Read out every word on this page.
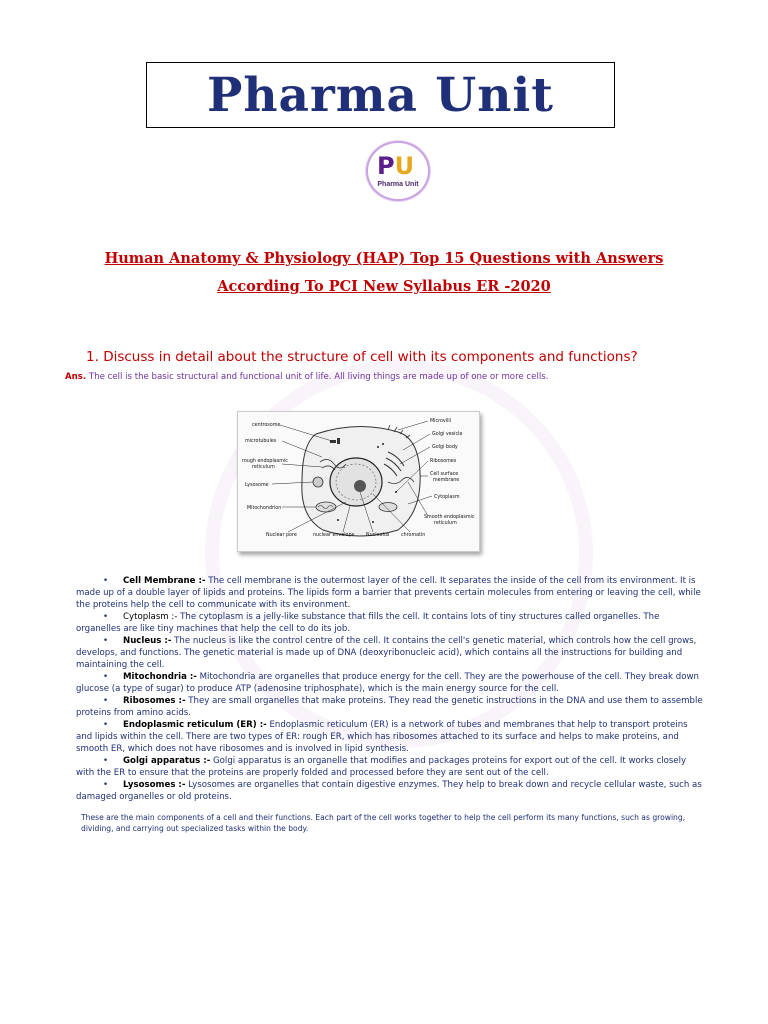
Pharma Unit
PU
Pharma Unit
Human Anatomy & Physiology (HAP) Top 15 Questions with Answers
According To PCI New Syllabus ER -2020
1. Discuss in detail about the structure of cell with its components and functions?
Ans. The cell is the basic structural and functional unit of life. All living things are made up of one or more cells.
centrosome
microtubules
rough endoplasmic
reticulum
Lysosome
Mitochondrion
Nuclear pore	nuclear envelope Nucleolus chromatin
Microvilli
Golgi vesicle
Golgi body
Ribosomes
Cell surface
membrane
Cytoplasm
Smooth endoplasmic
reticulum
• Cell Membrane :- The cell membrane is the outermost layer of the cell. It separates the inside of the cell from its environment. It is made up of a double layer of lipids and proteins. The lipids form a barrier that prevents certain molecules from entering or leaving the cell, while the proteins help the cell to communicate with its environment.
• Cytoplasm :- The cytoplasm is a jelly-like substance that fills the cell. It contains lots of tiny structures called organelles. The organelles are like tiny machines that help the cell to do its job.
• Nucleus :- The nucleus is like the control centre of the cell. It contains the cell's genetic material, which controls how the cell grows, develops, and functions. The genetic material is made up of DNA (deoxyribonucleic acid), which contains all the instructions for building and maintaining the cell.
• Mitochondria :- Mitochondria are organelles that produce energy for the cell. They are the powerhouse of the cell. They break down glucose (a type of sugar) to produce ATP (adenosine triphosphate), which is the main energy source for the cell.
• Ribosomes :- They are small organelles that make proteins. They read the genetic instructions in the DNA and use them to assemble proteins from amino acids.
• Endoplasmic reticulum (ER) :- Endoplasmic reticulum (ER) is a network of tubes and membranes that help to transport proteins and lipids within the cell. There are two types of ER: rough ER, which has ribosomes attached to its surface and helps to make proteins, and smooth ER, which does not have ribosomes and is involved in lipid synthesis.
• Golgi apparatus :- Golgi apparatus is an organelle that modifies and packages proteins for export out of the cell. It works closely with the ER to ensure that the proteins are properly folded and processed before they are sent out of the cell.
• Lysosomes :- Lysosomes are organelles that contain digestive enzymes. They help to break down and recycle cellular waste, such as damaged organelles or old proteins.
These are the main components of a cell and their functions. Each part of the cell works together to help the cell perform its many functions, such as growing, dividing, and carrying out specialized tasks within the body.
